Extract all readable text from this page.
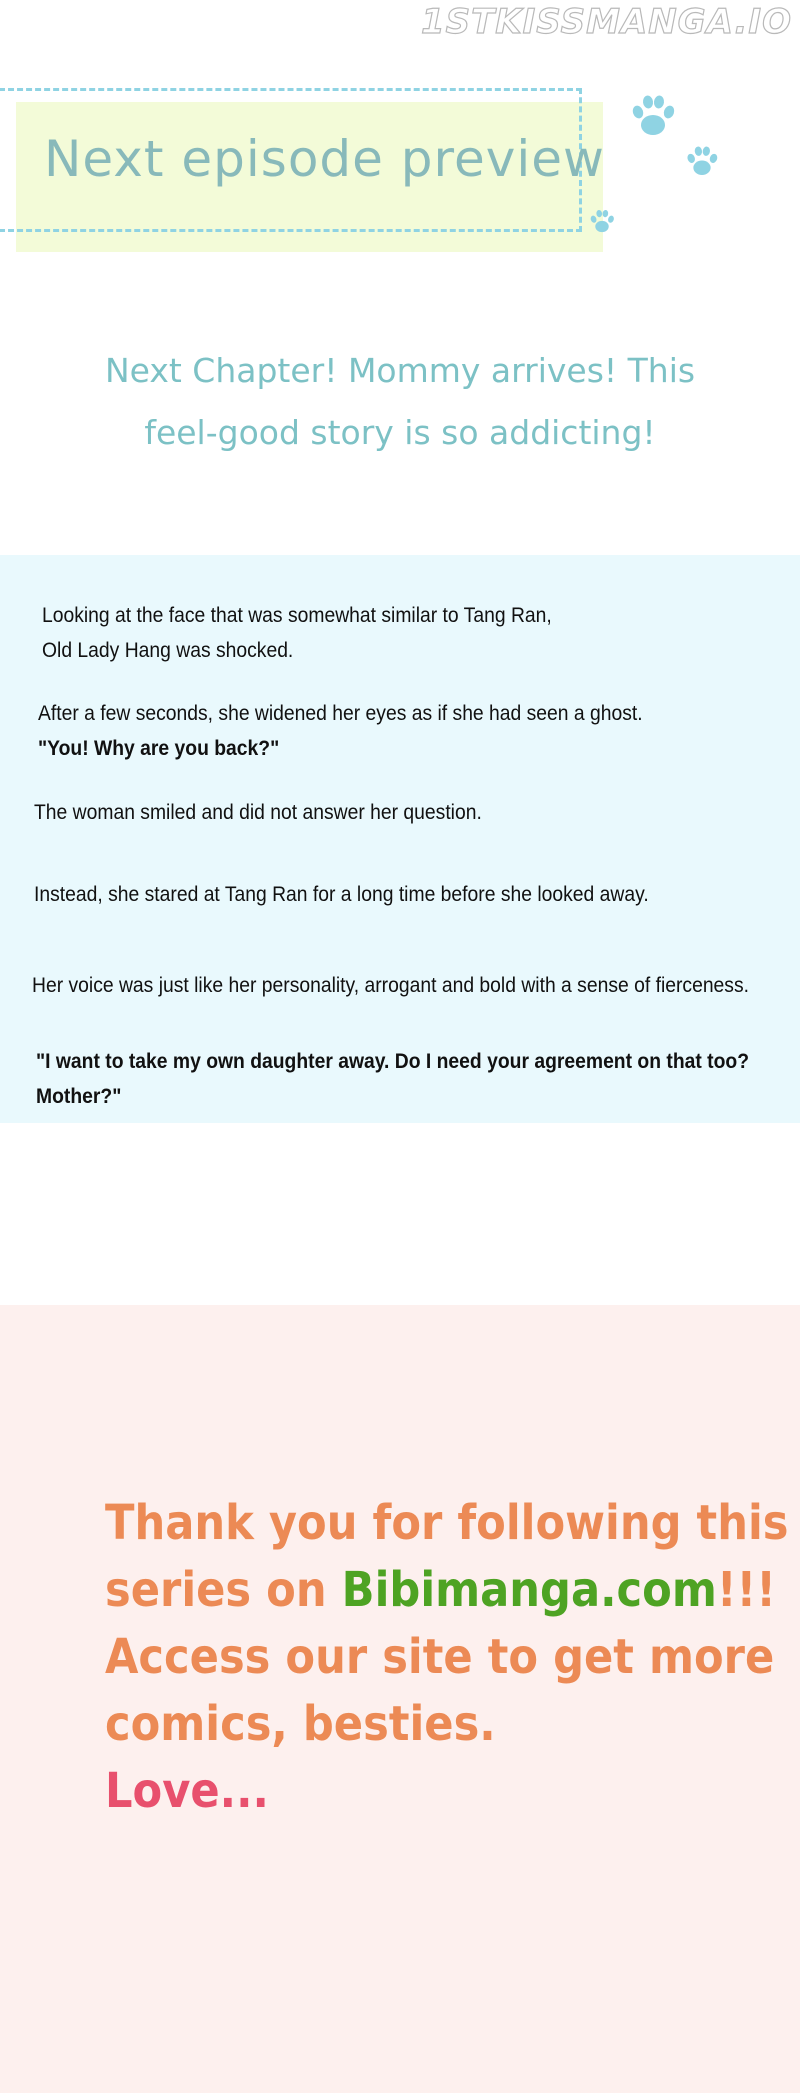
1STKISSMANGA.IO
Next episode preview
Next Chapter! Mommy arrives! This
feel-good story is so addicting!
Looking at the face that was somewhat similar to Tang Ran,
Old Lady Hang was shocked.
After a few seconds, she widened her eyes as if she had seen a ghost.
"You! Why are you back?"
The woman smiled and did not answer her question.
Instead, she stared at Tang Ran for a long time before she looked away.
Her voice was just like her personality, arrogant and bold with a sense of fierceness.
"I want to take my own daughter away. Do I need your agreement on that too?
Mother?"
Thank you for following this
series on Bibimanga.com!!!
Access our site to get more
comics, besties.
Love...
